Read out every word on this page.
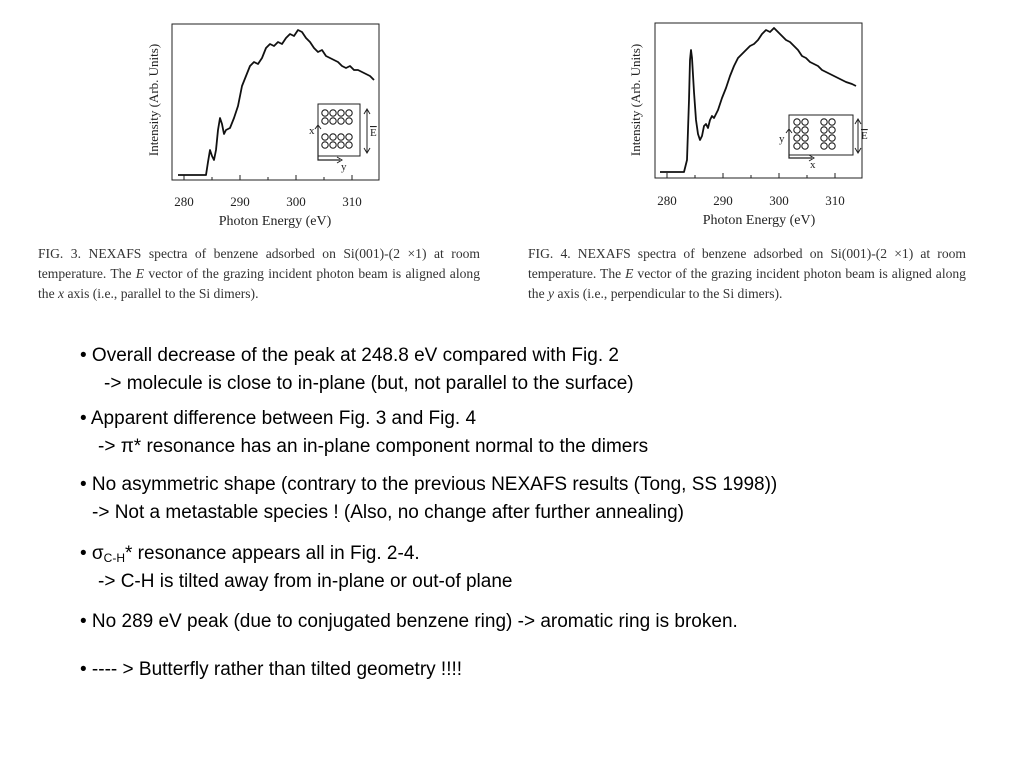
Intensity (Arb. Units)
280	290	300	310
Photon Energy (eV)
x
y
E	Intensity (Arb. Units)
280	290	300	310
Photon Energy (eV)
y
x
E
FIG. 3. NEXAFS spectra of benzene adsorbed on Si(001)-(2 ×1) at room temperature. The E vector of the grazing incident photon beam is aligned along the x axis (i.e., parallel to the Si dimers).
FIG. 4. NEXAFS spectra of benzene adsorbed on Si(001)-(2 ×1) at room temperature. The E vector of the grazing incident photon beam is aligned along the y axis (i.e., perpendicular to the Si dimers).
• Overall decrease of the peak at 248.8 eV compared with Fig. 2
-> molecule is close to in-plane (but, not parallel to the surface)
• Apparent difference between Fig. 3 and Fig. 4
-> π* resonance has an in-plane component normal to the dimers
• No asymmetric shape (contrary to the previous NEXAFS results (Tong, SS 1998))
-> Not a metastable species ! (Also, no change after further annealing)
• $\sigma_{C-H}*$ resonance appears all in Fig. 2-4.
-> C-H is tilted away from in-plane or out-of plane
• No 289 eV peak (due to conjugated benzene ring) -> aromatic ring is broken.
• ---- > Butterfly rather than tilted geometry !!!!
